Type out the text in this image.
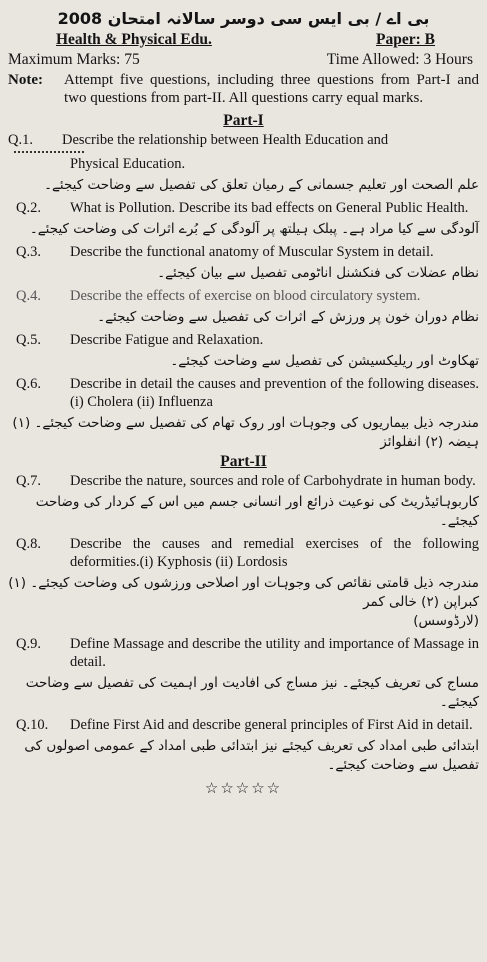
بی اے / بی ایس سی دوسر سالانہ امتحان 2008
Health & Physical Edu.	Paper: B
Maximum Marks: 75	Time Allowed: 3 Hours
Note:	Attempt five questions, including three questions from Part-I and two questions from part-II. All questions carry equal marks.
Part-I
Q.1.	Describe the relationship between Health Education and
Physical Education.
علم الصحت اور تعلیم جسمانی کے رمیان تعلق کی تفصیل سے وضاحت کیجئے۔
Q.2.	What is Pollution. Describe its bad effects on General Public Health.
آلودگی سے کیا مراد ہے۔ پبلک ہیلتھ پر آلودگی کے بُرے اثرات کی وضاحت کیجئے۔
Q.3.	Describe the functional anatomy of Muscular System in detail.
نظام عضلات کی فنکشنل اناٹومی تفصیل سے بیان کیجئے۔
Q.4.	Describe the effects of exercise on blood circulatory system.
نظام دوران خون پر ورزش کے اثرات کی تفصیل سے وضاحت کیجئے۔
Q.5.	Describe Fatigue and Relaxation.
تھکاوٹ اور ریلیکسیشن کی تفصیل سے وضاحت کیجئے۔
Q.6.	Describe in detail the causes and prevention of the following diseases. (i) Cholera (ii) Influenza
مندرجہ ذیل بیماریوں کی وجوہات اور روک تھام کی تفصیل سے وضاحت کیجئے۔ (۱) ہیضہ (۲) انفلوائز
Part-II
Q.7.	Describe the nature, sources and role of Carbohydrate in human body.
کاربوہائیڈریٹ کی نوعیت ذرائع اور انسانی جسم میں اس کے کردار کی وضاحت کیجئے۔
Q.8.	Describe the causes and remedial exercises of the following deformities.(i) Kyphosis (ii) Lordosis
مندرجہ ذیل قامتی نقائص کی وجوہات اور اصلاحی ورزشوں کی وضاحت کیجئے۔ (۱) کبراپن (۲) خالی کمر
(لارڈوسس)
Q.9.	Define Massage and describe the utility and importance of Massage in detail.
مساج کی تعریف کیجئے۔ نیز مساج کی افادیت اور اہمیت کی تفصیل سے وضاحت کیجئے۔
Q.10.	Define First Aid and describe general principles of First Aid in detail.
ابتدائی طبی امداد کی تعریف کیجئے نیز ابتدائی طبی امداد کے عمومی اصولوں کی تفصیل سے وضاحت کیجئے۔
☆☆☆☆☆
